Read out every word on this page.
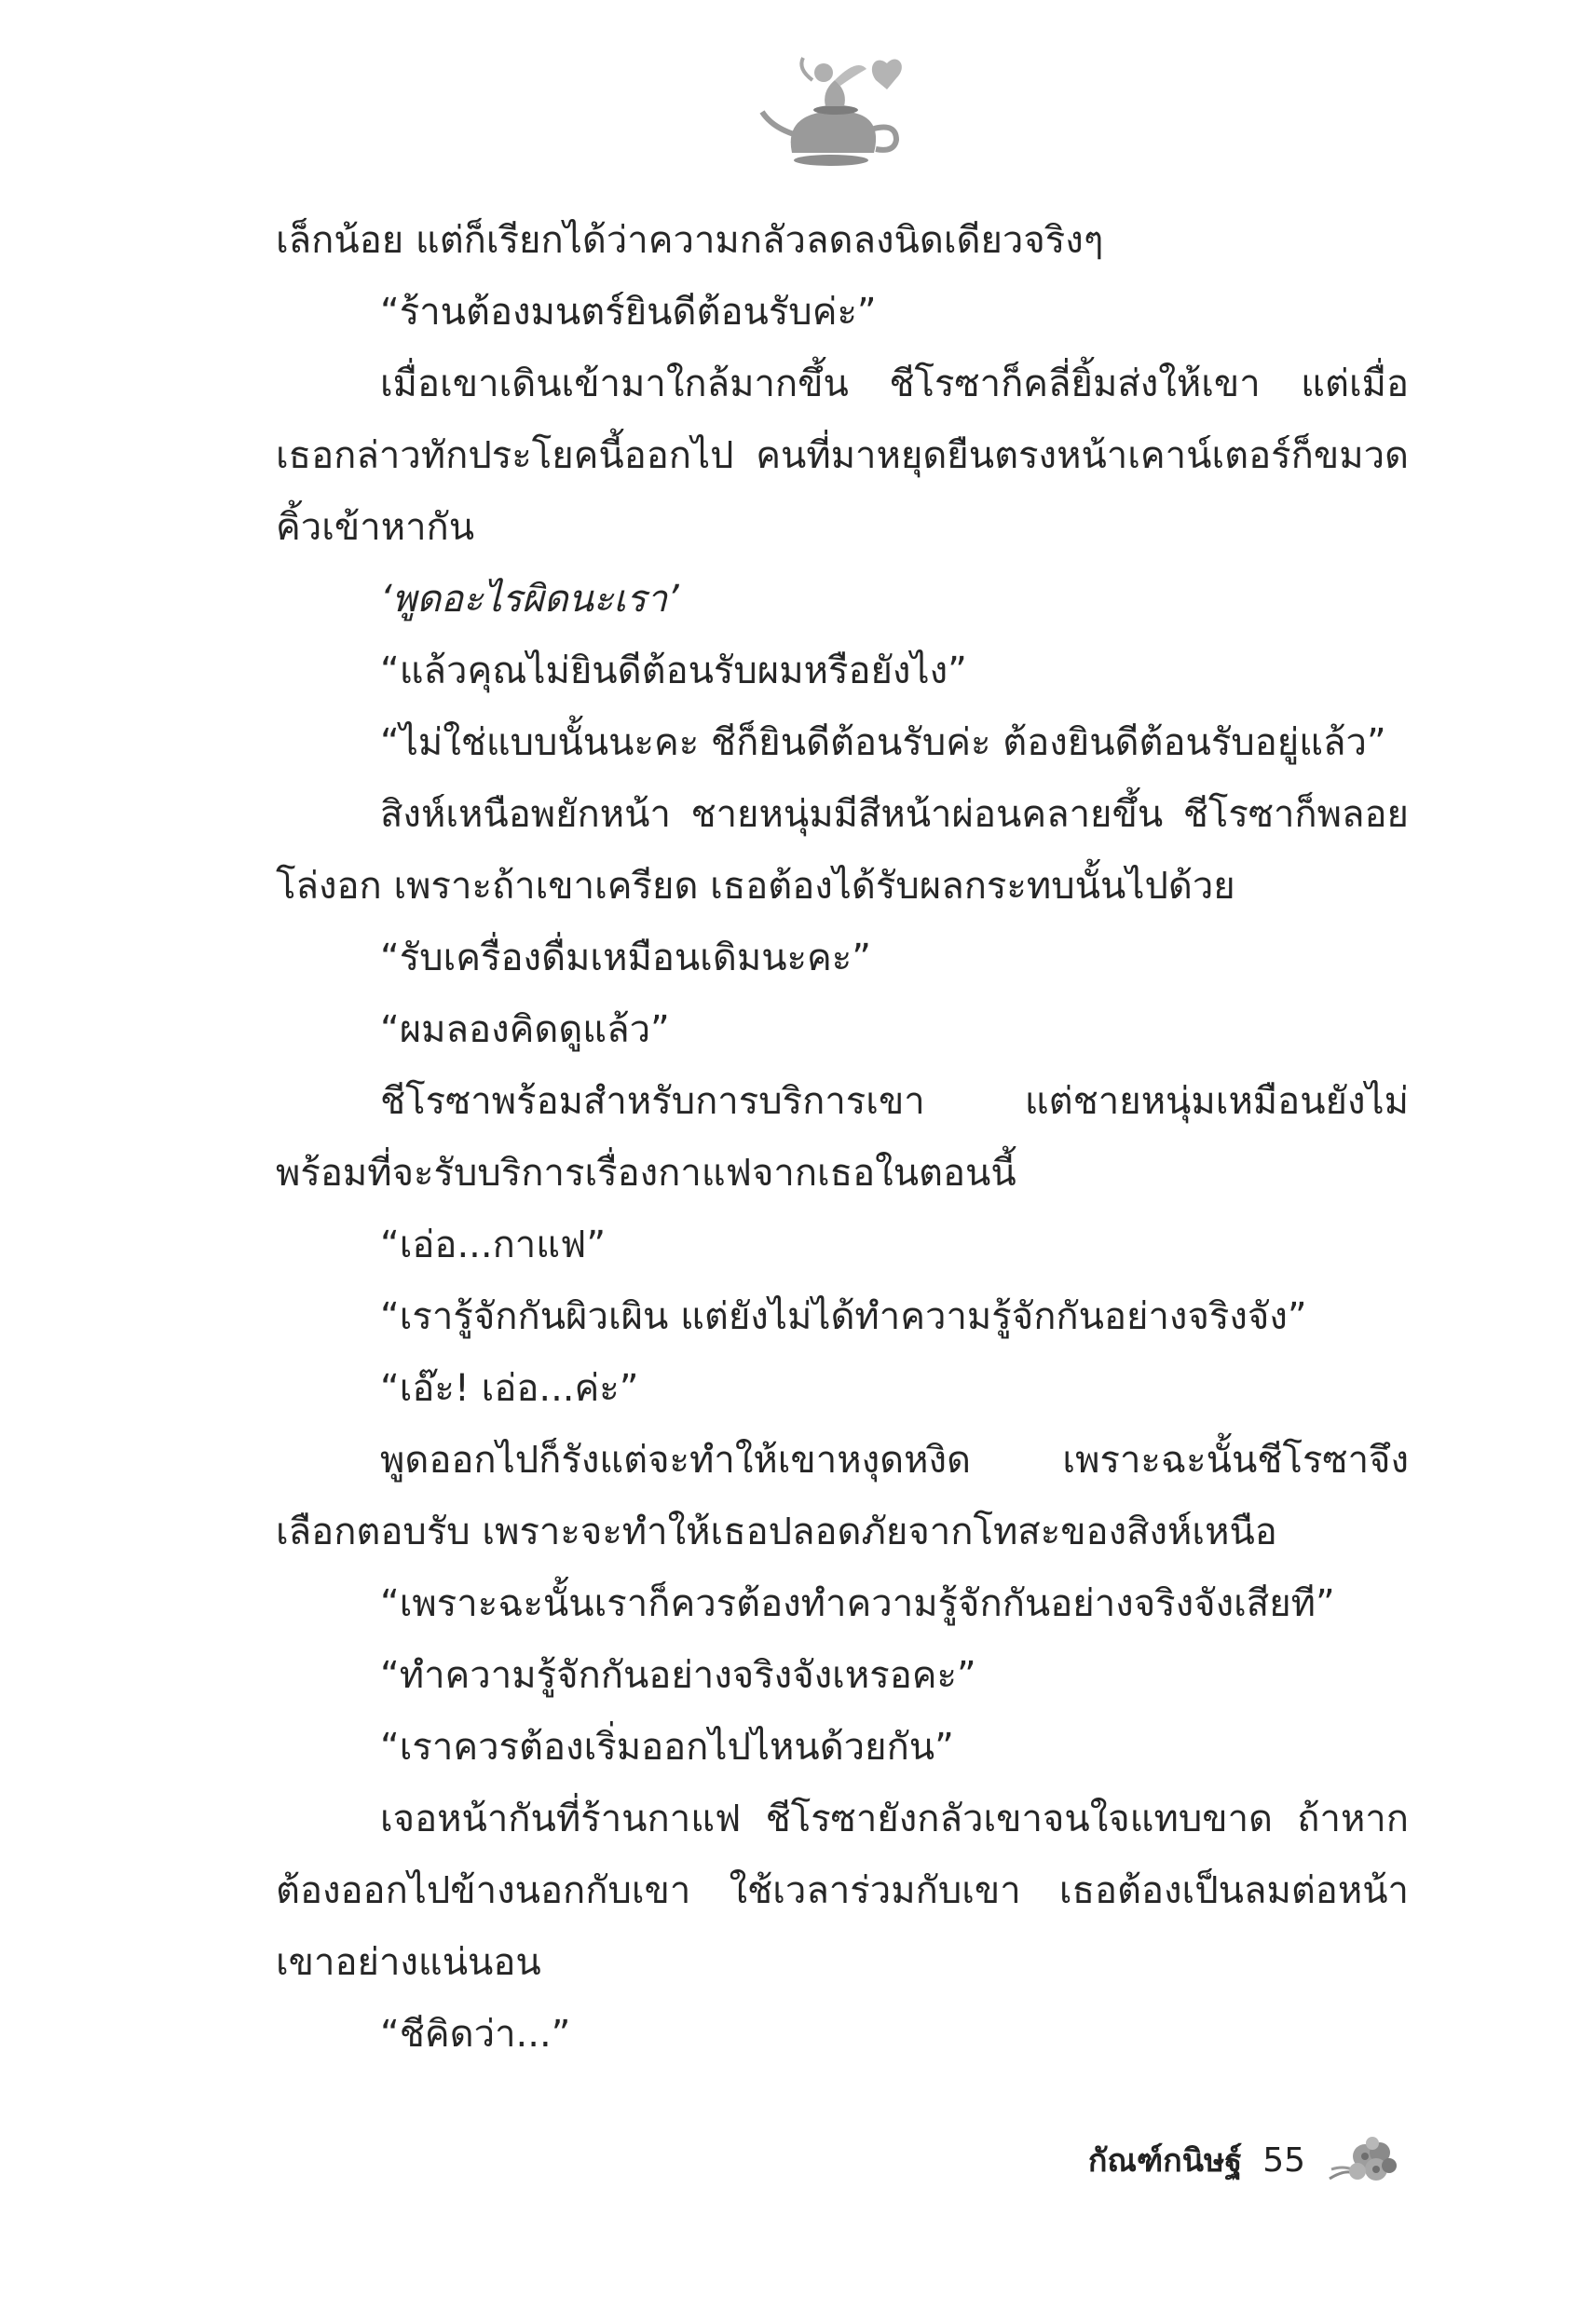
เล็กน้อย แต่ก็เรียกได้ว่าความกลัวลดลงนิดเดียวจริงๆ

“ร้านต้องมนตร์ยินดีต้อนรับค่ะ”

เมื่อเขาเดินเข้ามาใกล้มากขึ้น ชีโรซาก็คลี่ยิ้มส่งให้เขา แต่เมื่อเธอกล่าวทักประโยคนี้ออกไป คนที่มาหยุดยืนตรงหน้าเคาน์เตอร์ก็ขมวดคิ้วเข้าหากัน

‘พูดอะไรผิดนะเรา’

“แล้วคุณไม่ยินดีต้อนรับผมหรือยังไง”

“ไม่ใช่แบบนั้นนะคะ ชีก็ยินดีต้อนรับค่ะ ต้องยินดีต้อนรับอยู่แล้ว”

สิงห์เหนือพยักหน้า ชายหนุ่มมีสีหน้าผ่อนคลายขึ้น ชีโรซาก็พลอยโล่งอก เพราะถ้าเขาเครียด เธอต้องได้รับผลกระทบนั้นไปด้วย

“รับเครื่องดื่มเหมือนเดิมนะคะ”

“ผมลองคิดดูแล้ว”

ชีโรซาพร้อมสำหรับการบริการเขา แต่ชายหนุ่มเหมือนยังไม่พร้อมที่จะรับบริการเรื่องกาแฟจากเธอในตอนนี้

“เอ่อ...กาแฟ”

“เรารู้จักกันผิวเผิน แต่ยังไม่ได้ทำความรู้จักกันอย่างจริงจัง”

“เอ๊ะ! เอ่อ...ค่ะ”

พูดออกไปก็รังแต่จะทำให้เขาหงุดหงิด เพราะฉะนั้นชีโรซาจึงเลือกตอบรับ เพราะจะทำให้เธอปลอดภัยจากโทสะของสิงห์เหนือ

“เพราะฉะนั้นเราก็ควรต้องทำความรู้จักกันอย่างจริงจังเสียที”

“ทำความรู้จักกันอย่างจริงจังเหรอคะ”

“เราควรต้องเริ่มออกไปไหนด้วยกัน”

เจอหน้ากันที่ร้านกาแฟ ชีโรซายังกลัวเขาจนใจแทบขาด ถ้าหากต้องออกไปข้างนอกกับเขา ใช้เวลาร่วมกับเขา เธอต้องเป็นลมต่อหน้าเขาอย่างแน่นอน

“ชีคิดว่า...”

กัณฑ์กนิษฐ์ 55
